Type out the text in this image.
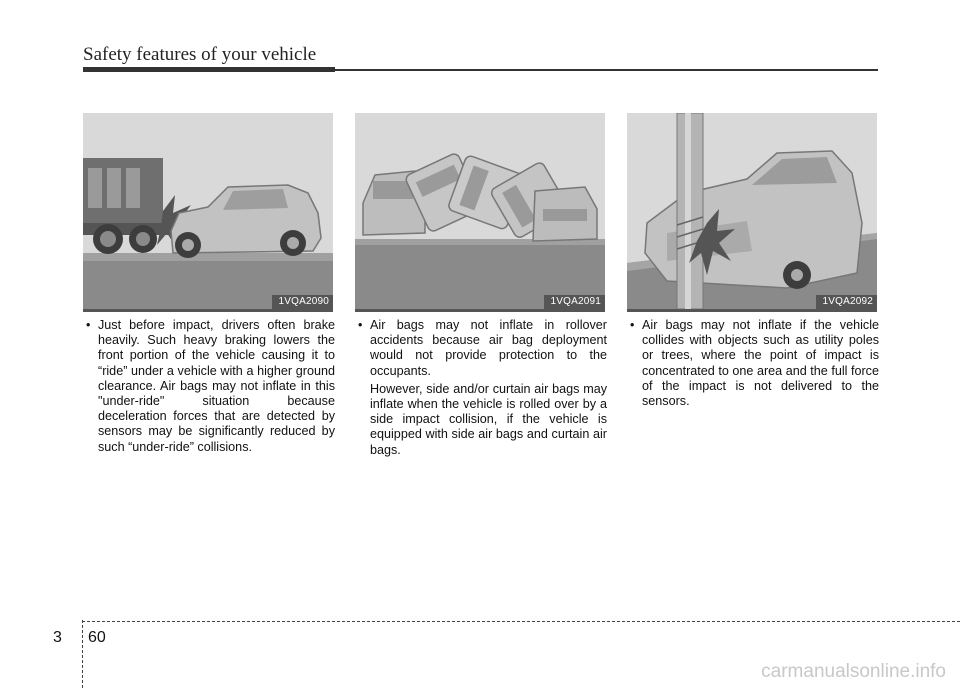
Safety features of your vehicle
1VQA2090	1VQA2091	1VQA2092
• Just before impact, drivers often brake heavily. Such heavy braking lowers the front portion of the vehicle causing it to “ride” under a vehicle with a higher ground clearance. Air bags may not inflate in this "under-ride" situation because deceleration forces that are detected by sensors may be significantly reduced by such “under-ride” collisions.
• Air bags may not inflate in rollover accidents because air bag deployment would not provide protection to the occupants.
However, side and/or curtain air bags may inflate when the vehicle is rolled over by a side impact collision, if the vehicle is equipped with side air bags and curtain air bags.
• Air bags may not inflate if the vehicle collides with objects such as utility poles or trees, where the point of impact is concentrated to one area and the full force of the impact is not delivered to the sensors.
3 60
carmanualsonline.info
